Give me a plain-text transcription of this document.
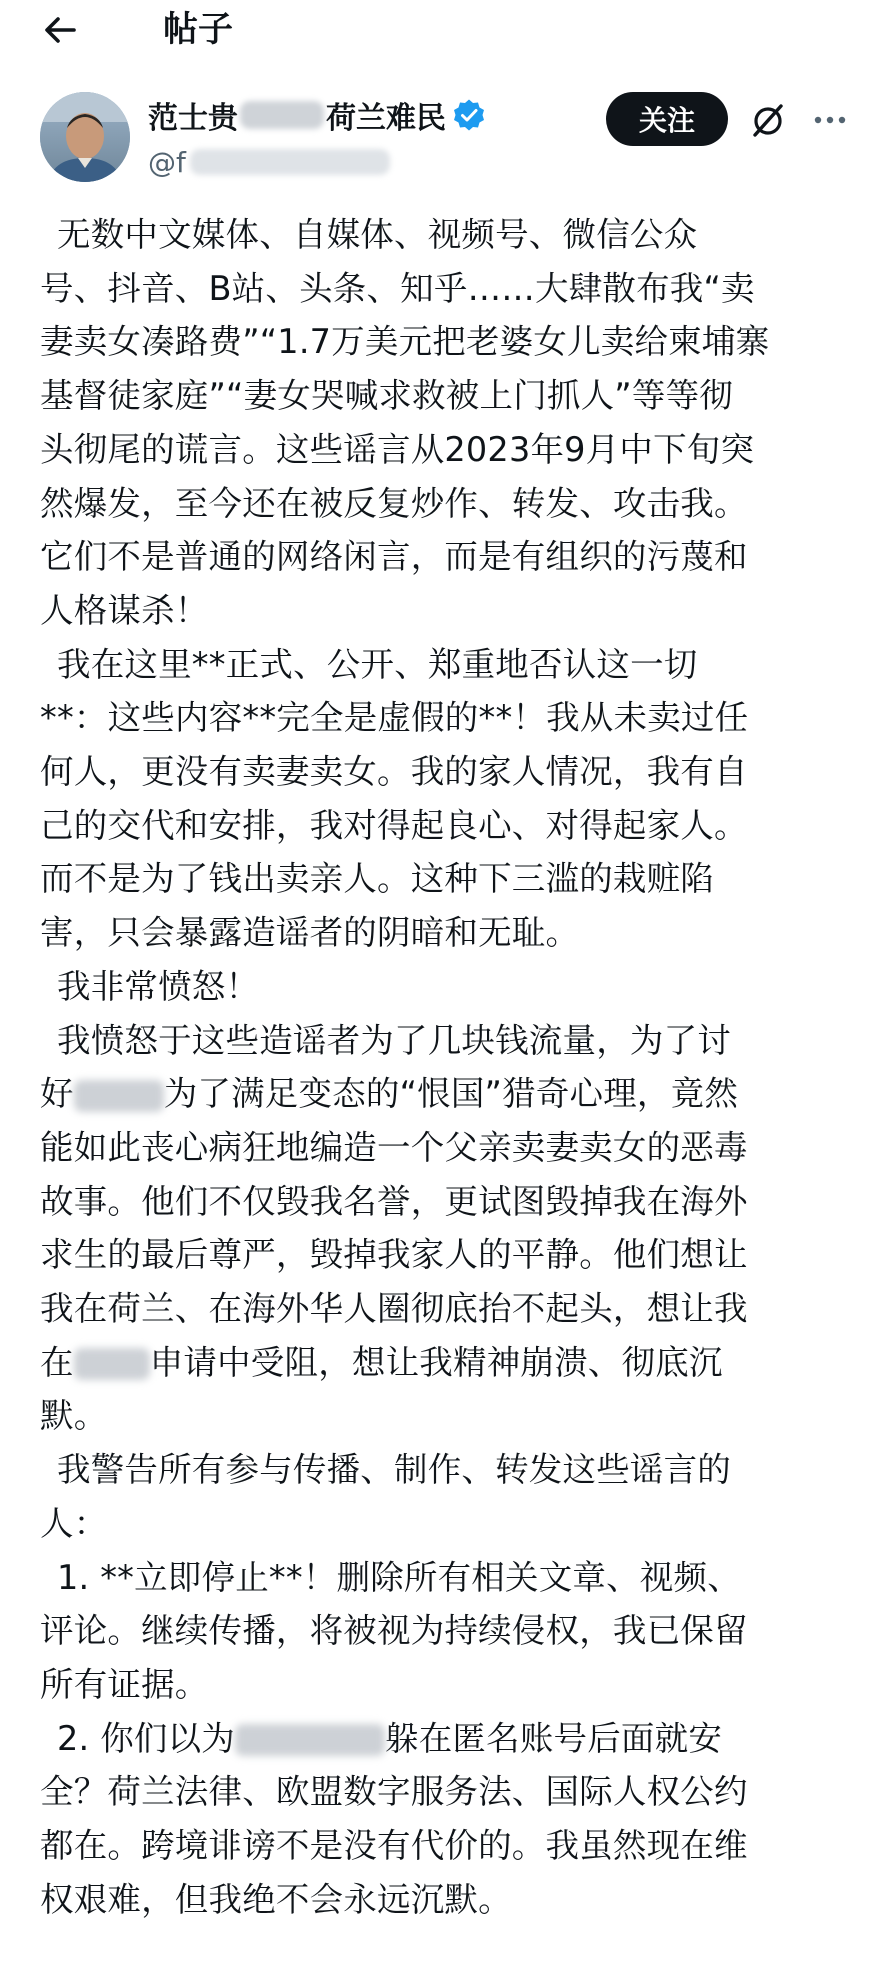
帖子
范士贵	荷兰难民
@f
关注
无数中文媒体、自媒体、视频号、微信公众
号、抖音、B站、头条、知乎……大肆散布我“卖
妻卖女凑路费”“1.7万美元把老婆女儿卖给柬埔寨
基督徒家庭”“妻女哭喊求救被上门抓人”等等彻
头彻尾的谎言。这些谣言从2023年9月中下旬突
然爆发，至今还在被反复炒作、转发、攻击我。
它们不是普通的网络闲言，而是有组织的污蔑和
人格谋杀！
我在这里**正式、公开、郑重地否认这一切
**：这些内容**完全是虚假的**！我从未卖过任
何人，更没有卖妻卖女。我的家人情况，我有自
己的交代和安排，我对得起良心、对得起家人。
而不是为了钱出卖亲人。这种下三滥的栽赃陷
害，只会暴露造谣者的阴暗和无耻。
我非常愤怒！
我愤怒于这些造谣者为了几块钱流量，为了讨
好	为了满足变态的“恨国”猎奇心理，竟然
能如此丧心病狂地编造一个父亲卖妻卖女的恶毒
故事。他们不仅毁我名誉，更试图毁掉我在海外
求生的最后尊严，毁掉我家人的平静。他们想让
我在荷兰、在海外华人圈彻底抬不起头，想让我
在 申请中受阻，想让我精神崩溃、彻底沉
默。
我警告所有参与传播、制作、转发这些谣言的
人：
1. **立即停止**！删除所有相关文章、视频、
评论。继续传播，将被视为持续侵权，我已保留
所有证据。
2. 你们以为	躲在匿名账号后面就安
全？荷兰法律、欧盟数字服务法、国际人权公约
都在。跨境诽谤不是没有代价的。我虽然现在维
权艰难，但我绝不会永远沉默。
